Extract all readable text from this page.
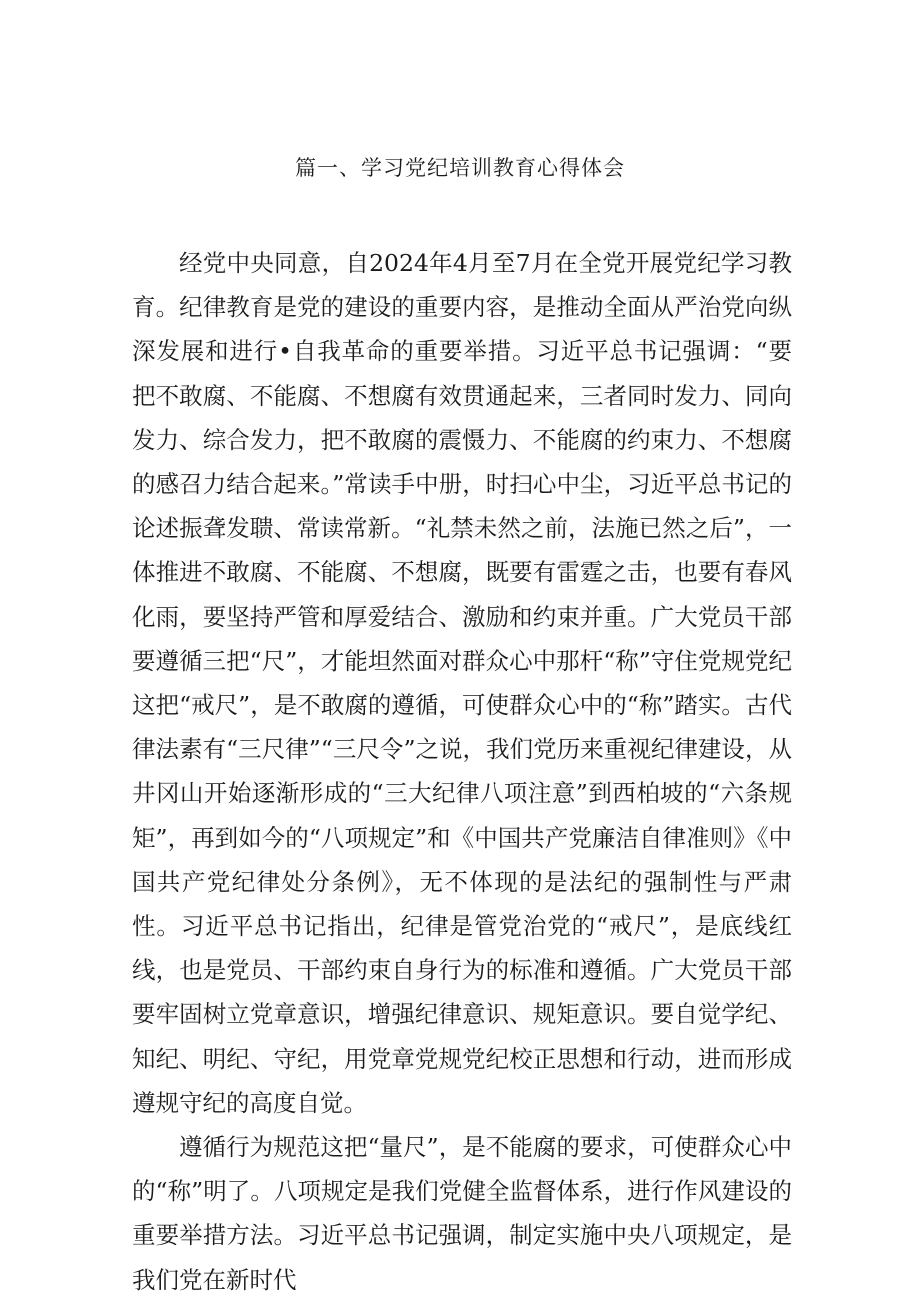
篇一、学习党纪培训教育心得体会

经党中央同意，自2024年4月至7月在全党开展党纪学习教育。纪律教育是党的建设的重要内容，是推动全面从严治党向纵深发展和进行•自我革命的重要举措。习近平总书记强调：“要把不敢腐、不能腐、不想腐有效贯通起来，三者同时发力、同向发力、综合发力，把不敢腐的震慑力、不能腐的约束力、不想腐的感召力结合起来。”常读手中册，时扫心中尘，习近平总书记的论述振聋发聩、常读常新。“礼禁未然之前，法施已然之后”，一体推进不敢腐、不能腐、不想腐，既要有雷霆之击，也要有春风化雨，要坚持严管和厚爱结合、激励和约束并重。广大党员干部要遵循三把“尺”，才能坦然面对群众心中那杆“称”守住党规党纪这把“戒尺”，是不敢腐的遵循，可使群众心中的“称”踏实。古代律法素有“三尺律”“三尺令”之说，我们党历来重视纪律建设，从井冈山开始逐渐形成的“三大纪律八项注意”到西柏坡的“六条规矩”，再到如今的“八项规定”和《中国共产党廉洁自律准则》《中国共产党纪律处分条例》，无不体现的是法纪的强制性与严肃性。习近平总书记指出，纪律是管党治党的“戒尺”，是底线红线，也是党员、干部约束自身行为的标准和遵循。广大党员干部要牢固树立党章意识，增强纪律意识、规矩意识。要自觉学纪、知纪、明纪、守纪，用党章党规党纪校正思想和行动，进而形成遵规守纪的高度自觉。

遵循行为规范这把“量尺”，是不能腐的要求，可使群众心中的“称”明了。八项规定是我们党健全监督体系，进行作风建设的重要举措方法。习近平总书记强调，制定实施中央八项规定，是我们党在新时代
